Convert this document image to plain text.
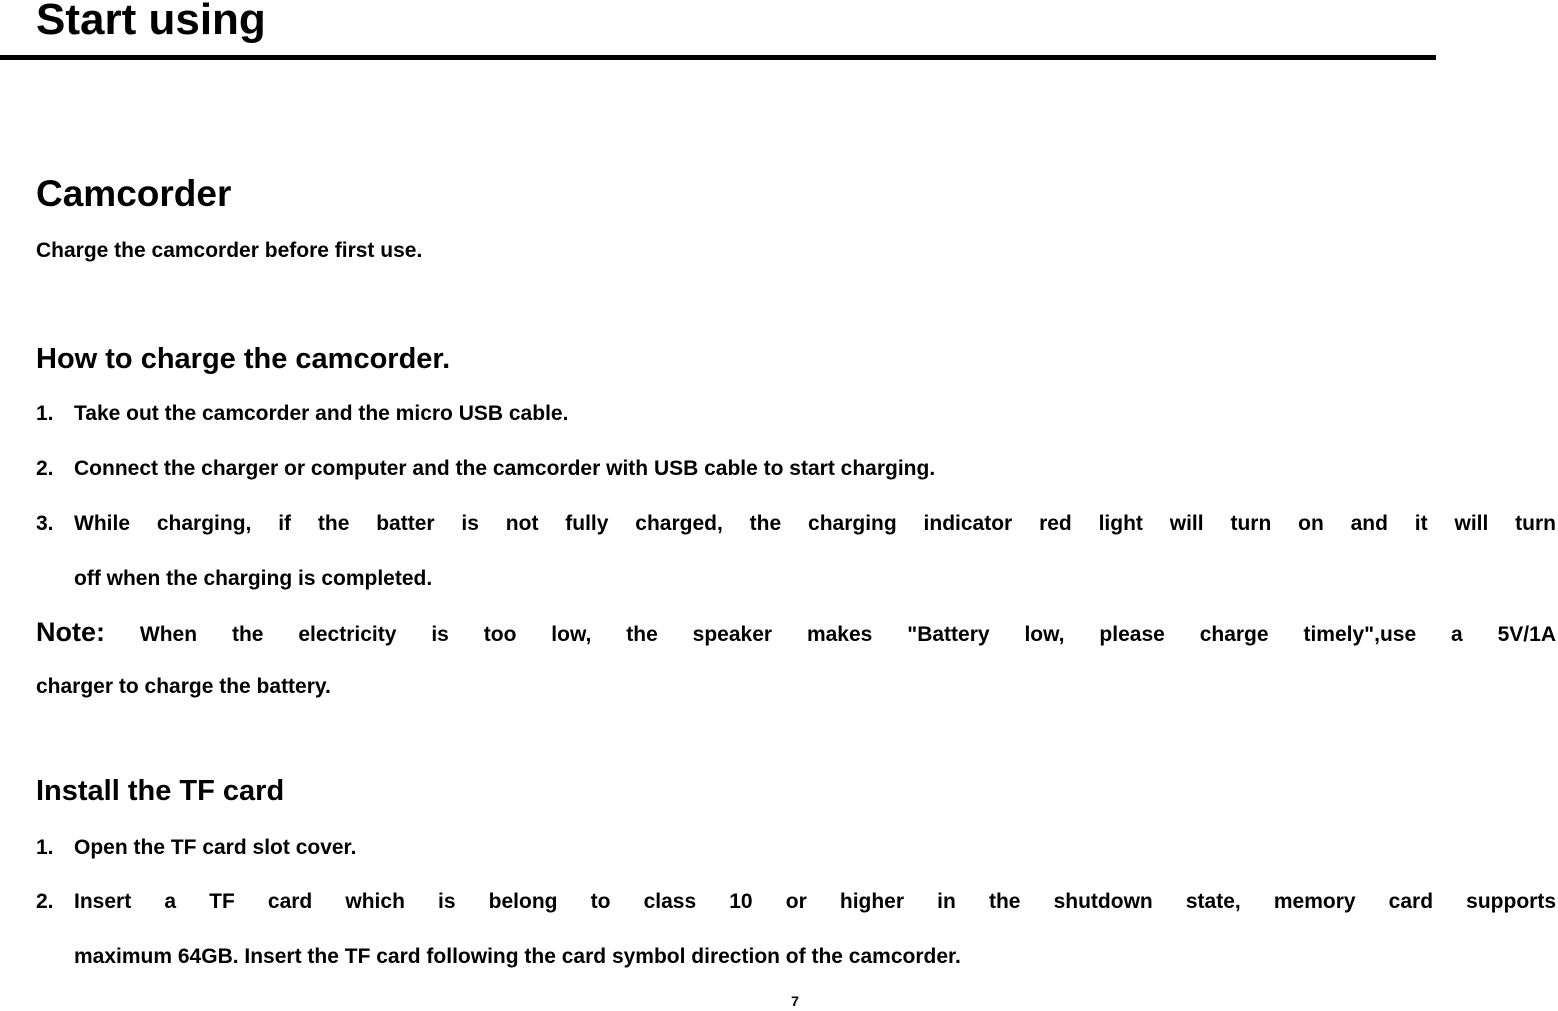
Start using
Camcorder
Charge the camcorder before first use.
How to charge the camcorder.
1. Take out the camcorder and the micro USB cable.
2. Connect the charger or computer and the camcorder with USB cable to start charging.
3. While charging, if the batter is not fully charged, the charging indicator red light will turn on and it will turn
off when the charging is completed.
Note: When the electricity is too low, the speaker makes "Battery low, please charge timely",use a 5V/1A
charger to charge the battery.
Install the TF card
1. Open the TF card slot cover.
2. Insert a TF card which is belong to class 10 or higher in the shutdown state, memory card supports
maximum 64GB. Insert the TF card following the card symbol direction of the camcorder.
7
